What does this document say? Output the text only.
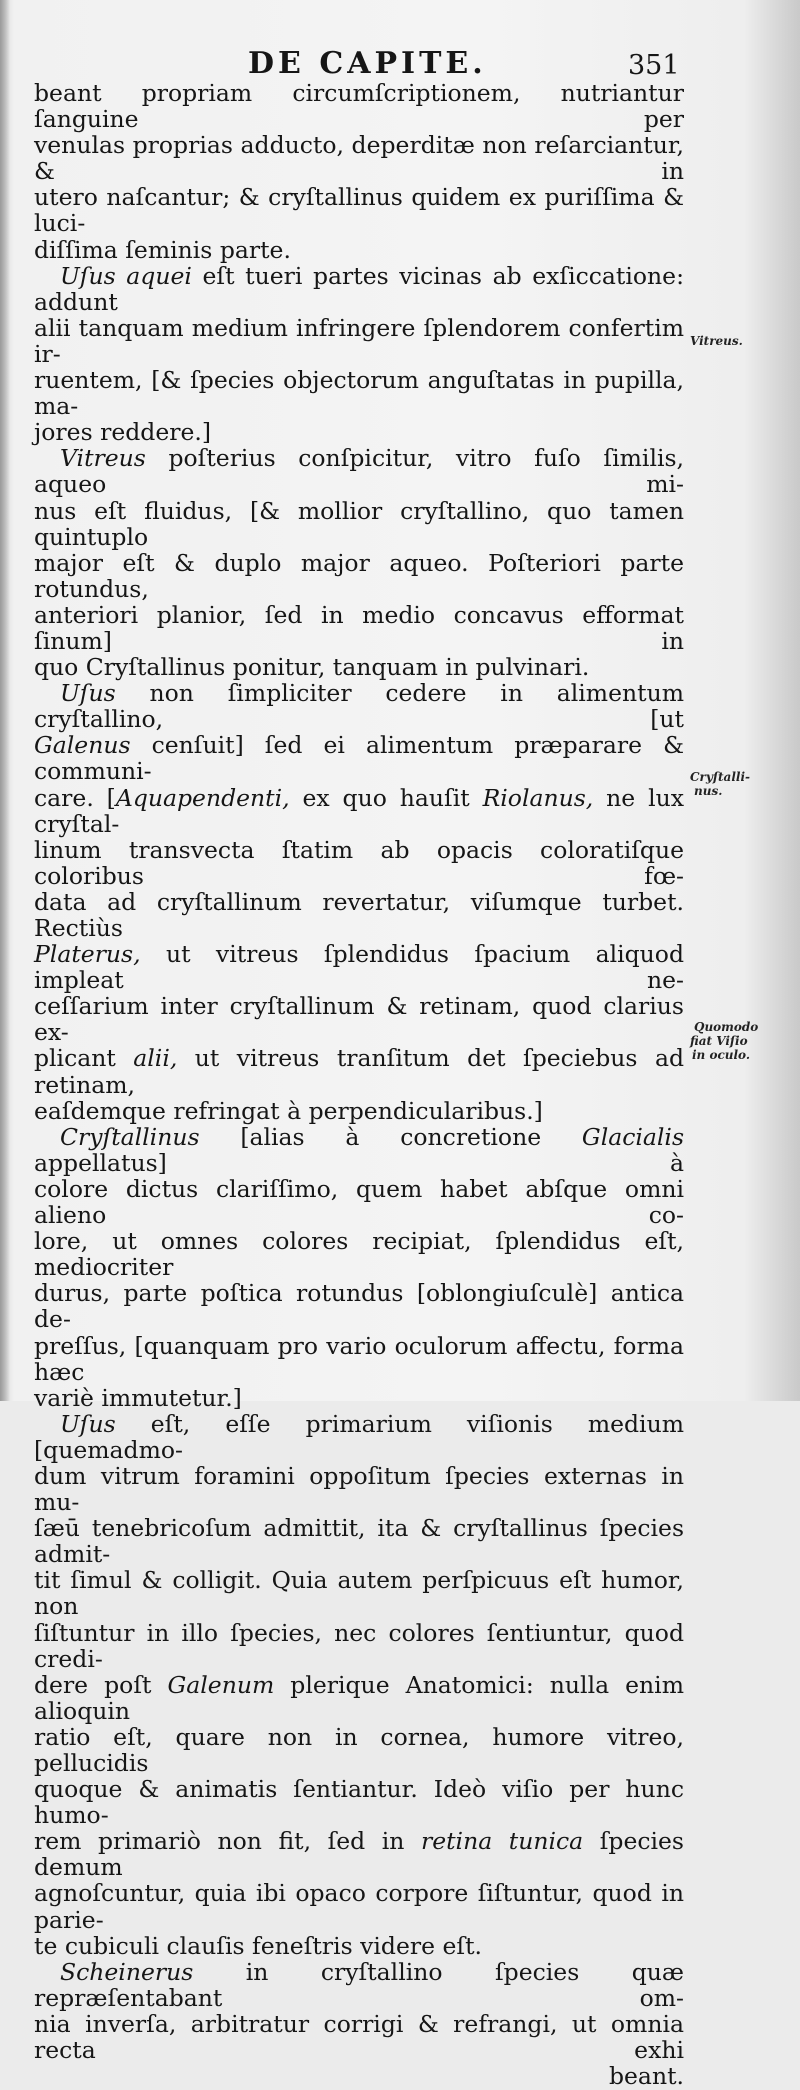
DE CAPITE.	351

beant propriam circumſcriptionem, nutriantur ſanguine per

venulas proprias adducto, deperditæ non reſarciantur, & in

utero naſcantur; & cryſtallinus quidem ex puriſſima & luci-

diſſima ſeminis parte.

Uſus aquei eſt tueri partes vicinas ab exſiccatione: addunt

alii tanquam medium infringere ſplendorem confertim ir-

ruentem, [& ſpecies objectorum anguſtatas in pupilla, ma-

jores reddere.]

Vitreus poſterius conſpicitur, vitro fuſo ſimilis, aqueo mi-

nus eſt fluidus, [& mollior cryſtallino, quo tamen quintuplo

major eſt & duplo major aqueo. Poſteriori parte rotundus,

anteriori planior, ſed in medio concavus efformat ſinum] in

quo Cryſtallinus ponitur, tanquam in pulvinari.

Uſus non ſimpliciter cedere in alimentum cryſtallino, [ut

Galenus cenſuit] ſed ei alimentum præparare & communi-

care. [Aquapendenti, ex quo hauſit Riolanus, ne lux cryſtal-

linum transvecta ſtatim ab opacis coloratiſque coloribus fœ-

data ad cryſtallinum revertatur, viſumque turbet. Rectiùs

Platerus, ut vitreus ſplendidus ſpacium aliquod impleat ne-

ceſſarium inter cryſtallinum & retinam, quod clarius ex-

plicant alii, ut vitreus tranſitum det ſpeciebus ad retinam,

eaſdemque refringat à perpendicularibus.]

Cryſtallinus [alias à concretione Glacialis appellatus] à

colore dictus clariſſimo, quem habet abſque omni alieno co-

lore, ut omnes colores recipiat, ſplendidus eſt, mediocriter

durus, parte poſtica rotundus [oblongiuſculè] antica de-

preſſus, [quanquam pro vario oculorum affectu, forma hæc

variè immutetur.]

Uſus eſt, eſſe primarium viſionis medium [quemadmo-

dum vitrum foramini oppoſitum ſpecies externas in mu-

ſæū tenebricoſum admittit, ita & cryſtallinus ſpecies admit-

tit ſimul & colligit. Quia autem perſpicuus eſt humor, non

ſiſtuntur in illo ſpecies, nec colores ſentiuntur, quod credi-

dere poſt Galenum plerique Anatomici: nulla enim alioquin

ratio eſt, quare non in cornea, humore vitreo, pellucidis

quoque & animatis ſentiantur. Ideò viſio per hunc humo-

rem primariò non fit, ſed in retina tunica ſpecies demum

agnoſcuntur, quia ibi opaco corpore ſiſtuntur, quod in parie-

te cubiculi clauſis feneſtris videre eſt.

Scheinerus in cryſtallino ſpecies quæ repræſentabant om-

nia inverſa, arbitratur corrigi & refrangi, ut omnia recta exhi

beant.

Vitreus.
Cryſtalli-
nus.
Quomodo
fiat Viſio
in oculo.
